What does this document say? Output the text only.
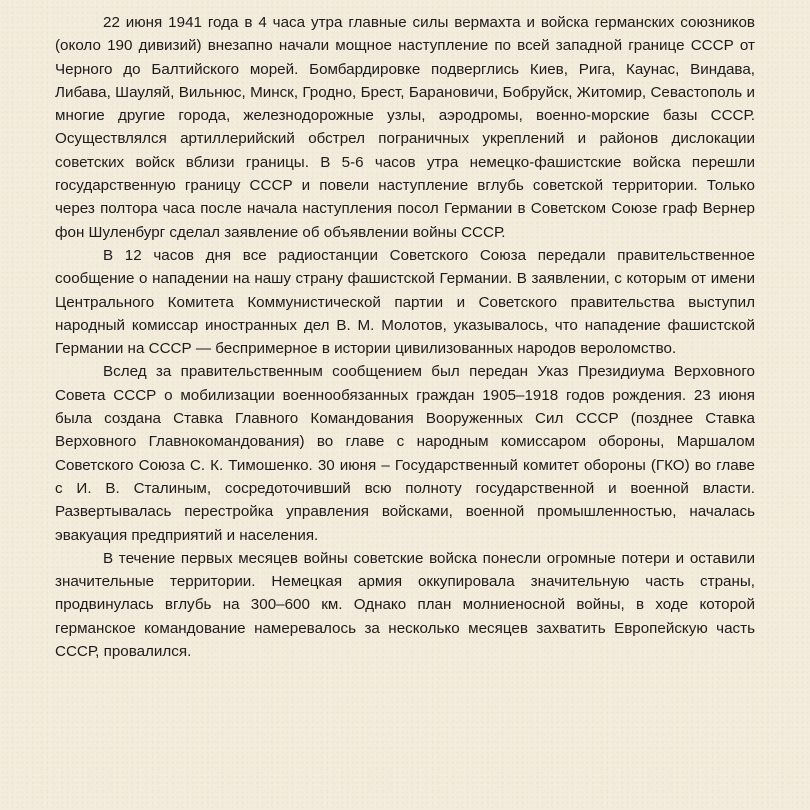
22 июня 1941 года в 4 часа утра главные силы вермахта и войска германских союзников (около 190 дивизий) внезапно начали мощное наступление по всей западной границе СССР от Черного до Балтийского морей. Бомбардировке подверглись Киев, Рига, Каунас, Виндава, Либава, Шауляй, Вильнюс, Минск, Гродно, Брест, Барановичи, Бобруйск, Житомир, Севастополь и многие другие города, железнодорожные узлы, аэродромы, военно-морские базы СССР. Осуществлялся артиллерийский обстрел пограничных укреплений и районов дислокации советских войск вблизи границы. В 5-6 часов утра немецко-фашистские войска перешли государственную границу СССР и повели наступление вглубь советской территории. Только через полтора часа после начала наступления посол Германии в Советском Союзе граф Вернер фон Шуленбург сделал заявление об объявлении войны СССР.

В 12 часов дня все радиостанции Советского Союза передали правительственное сообщение о нападении на нашу страну фашистской Германии. В заявлении, с которым от имени Центрального Комитета Коммунистической партии и Советского правительства выступил народный комиссар иностранных дел В. М. Молотов, указывалось, что нападение фашистской Германии на СССР — беспримерное в истории цивилизованных народов вероломство.

Вслед за правительственным сообщением был передан Указ Президиума Верховного Совета СССР о мобилизации военнообязанных граждан 1905–1918 годов рождения. 23 июня была создана Ставка Главного Командования Вооруженных Сил СССР (позднее Ставка Верховного Главнокомандования) во главе с народным комиссаром обороны, Маршалом Советского Союза С. К. Тимошенко. 30 июня – Государственный комитет обороны (ГКО) во главе с И. В. Сталиным, сосредоточивший всю полноту государственной и военной власти. Развертывалась перестройка управления войсками, военной промышленностью, началась эвакуация предприятий и населения.

В течение первых месяцев войны советские войска понесли огромные потери и оставили значительные территории. Немецкая армия оккупировала значительную часть страны, продвинулась вглубь на 300–600 км. Однако план молниеносной войны, в ходе которой германское командование намеревалось за несколько месяцев захватить Европейскую часть СССР, провалился.
